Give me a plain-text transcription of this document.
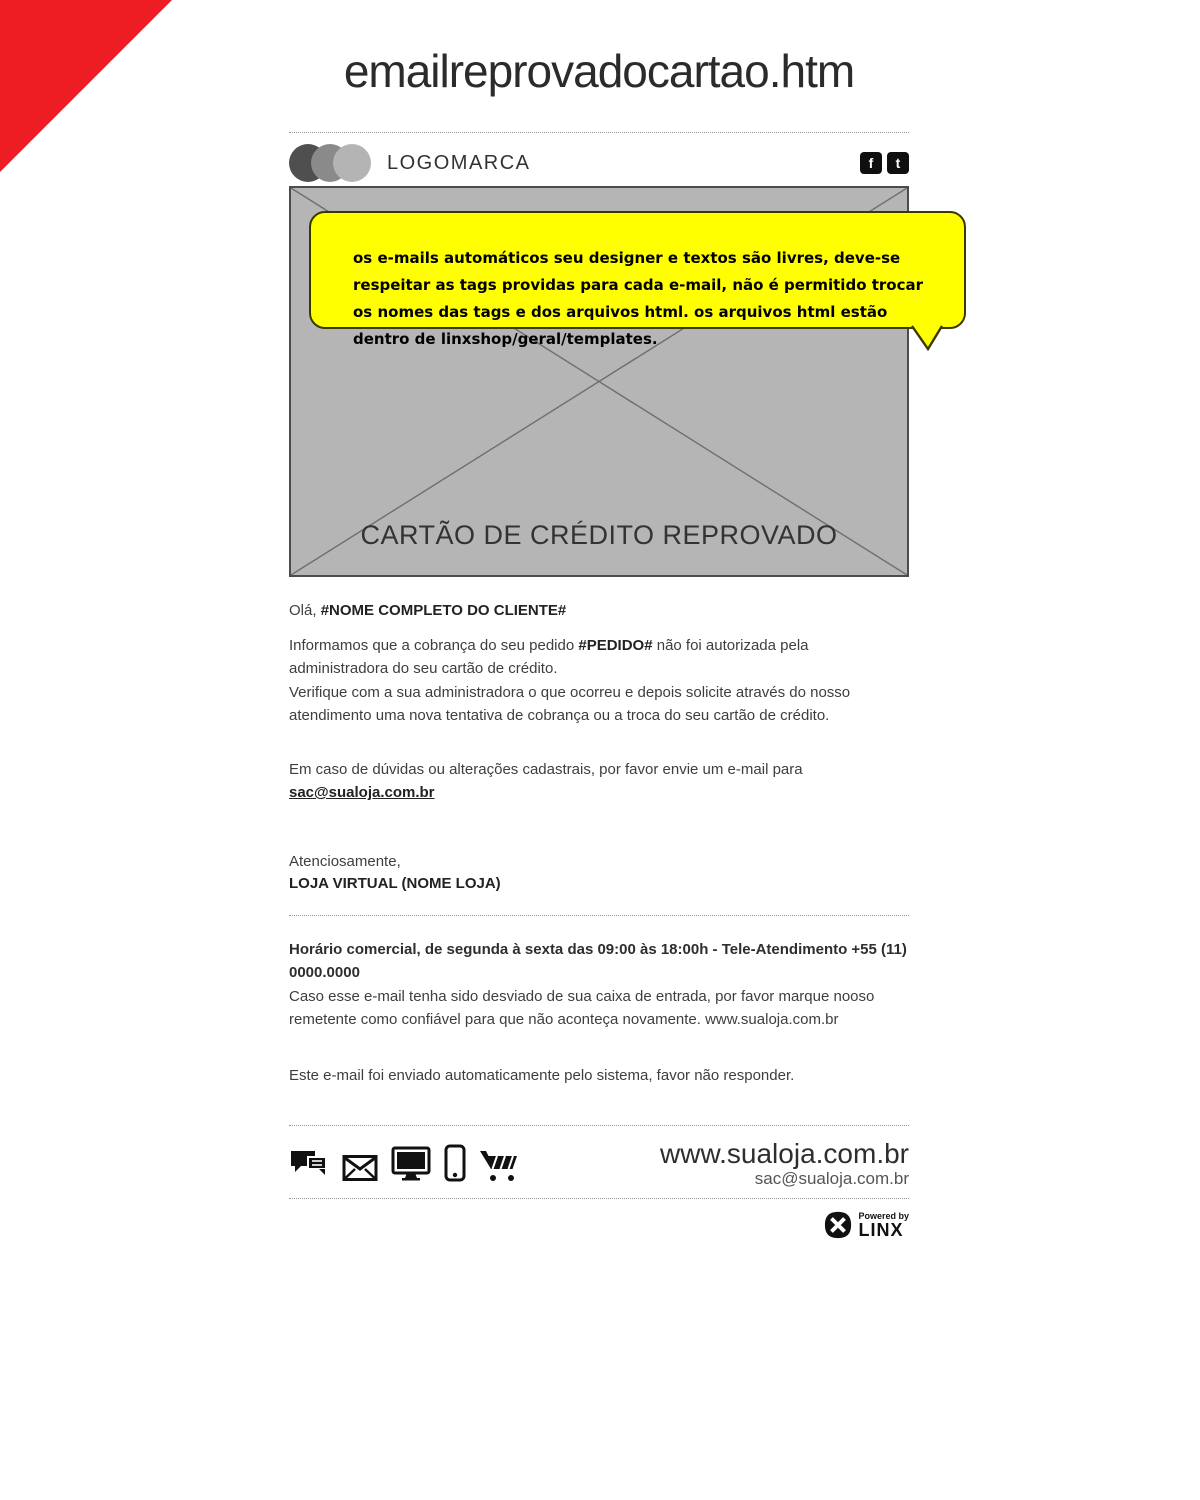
comentado
emailreprovadocartao.htm
LOGOMARCA	f	t
CARTÃO DE CRÉDITO REPROVADO
os e-mails automáticos seu designer e textos são livres, deve-se respeitar as tags providas para cada e-mail, não é permitido trocar os nomes das tags e dos arquivos html. os arquivos html estão dentro de linxshop/geral/templates.

Olá, #NOME COMPLETO DO CLIENTE#

Informamos que a cobrança do seu pedido #PEDIDO# não foi autorizada pela administradora do seu cartão de crédito.
Verifique com a sua administradora o que ocorreu e depois solicite através do nosso atendimento uma nova tentativa de cobrança ou a troca do seu cartão de crédito.

Em caso de dúvidas ou alterações cadastrais, por favor envie um e-mail para sac@sualoja.com.br

Atenciosamente,
LOJA VIRTUAL (NOME LOJA)

Horário comercial, de segunda à sexta das 09:00 às 18:00h - Tele-Atendimento +55 (11) 0000.0000
Caso esse e-mail tenha sido desviado de sua caixa de entrada, por favor marque nooso remetente como confiável para que não aconteça novamente. www.sualoja.com.br

Este e-mail foi enviado automaticamente pelo sistema, favor não responder.

www.sualoja.com.br
sac@sualoja.com.br
Powered by
LINX
